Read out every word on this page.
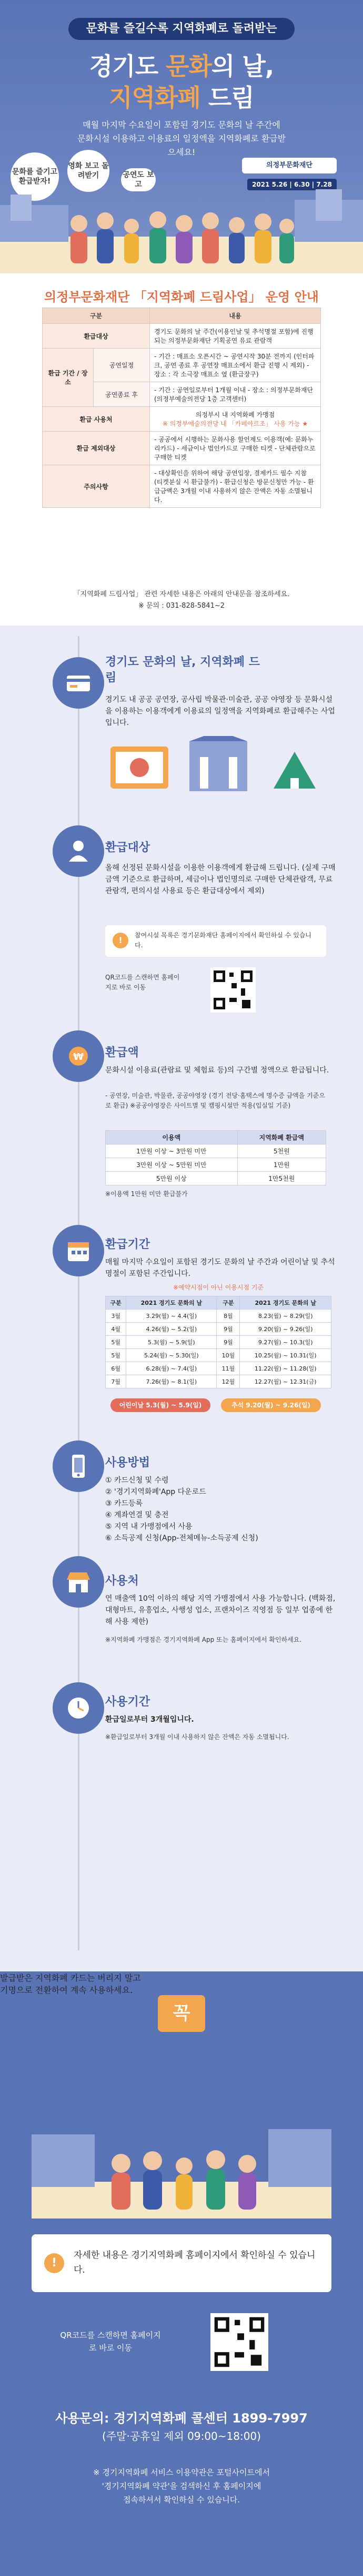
문화를 즐길수록 지역화폐로 돌려받는
경기도 문화의 날,
지역화폐 드림
매월 마지막 수요일이 포함된 경기도 문화의 날 주간에
문화시설 이용하고 이용료의 일정액을 지역화폐로 환급받으세요!
문화를 즐기고 환급받자!
영화 보고 돌려받기	공연도 보고
의정부문화재단
2021 5.26 | 6.30 | 7.28
의정부문화재단 「지역화폐 드림사업」 운영 안내
구분		내용
환급대상		경기도 문화의 날 주간(이용인날 및 추석명절 포함)에 진행되는 의정부문화재단 기획공연 유료 관람객
환급 기간 / 장소	공연일정	- 기간 : 매표소 오픈시간 ~ 공연시작 30분 전까지 (인터파크, 공연 종료 후 공연장 매표소에서 환급 진행 시 제외) - 장소 : 각 소극장 매표소 옆 (환급장구)
	공연종료 후	- 기간 : 공연일로부터 1개월 이내 - 장소 : 의정부문화재단(의정부예술의전당 1층 고객센터)
환급 사용처		의정부시 내 지역화폐 가맹점
※ 의정부예술의전당 내 「카페아르조」 사용 가능 ★

환급 제외대상		- 공공에서 시행하는 문화사용 할인제도 이용객(예: 문화누리카드) - 세금이나 법인카드로 구매한 티켓 - 단체관람으로 구매한 티켓
주의사항		- 대상확인을 위하여 해당 공연입장, 결제카드 필수 지참 (티켓분실 시 환급불가) - 환급신청은 방문신청만 가능 - 환급금액은 3개월 이내 사용하지 않은 잔액은 자동 소멸됩니다.
「지역화폐 드림사업」 관련 자세한 내용은 아래의 안내문을 참조하세요.
※ 문의 : 031-828-5841~2
경기도 문화의 날, 지역화폐 드림
경기도 내 공공 공연장, 공사립 박물관·미술관, 공공 야영장 등 문화시설을 이용하는 이용객에게 이용료의 일정액을 지역화폐로 환급해주는 사업입니다.
환급대상
올해 선정된 문화시설을 이용한 이용객에게 환급해 드립니다. (실제 구매금액 기준으로 환급하며, 세금이나 법인명의로 구매한 단체관람객, 무료관람객, 편의시설 사용료 등은 환급대상에서 제외)
!	참여시설 목록은 경기문화재단 홈페이지에서 확인하실 수 있습니다.
QR코드를 스캔하면 홈페이지로 바로 이동
₩ 환급액
문화시설 이용료(관람료 및 체험료 등)의 구간별 정액으로 환급됩니다.
- 공연장, 미술관, 박물관, 공공야영장 (경기 전당·홈택스에 명수증 금액을 기준으로 환급) ※공공야영장은 사이트별 및 캠핑시설만 적용(입실일 기준)
이용액	지역화폐 환급액
1만원 이상 ~ 3만원 미만	5천원
3만원 이상 ~ 5만원 미만	1만원
5만원 이상	1만5천원
※이용액 1만원 미만 환급불가
환급기간
매월 마지막 수요일이 포함된 경기도 문화의 날 주간과 어린이날 및 추석명절이 포함된 주간입니다.
※예약시점이 아닌 이용시점 기준
구분	2021 경기도 문화의 날	구분	2021 경기도 문화의 날
3월	3.29(월) ~ 4.4(일)	8월	8.23(월) ~ 8.29(일)
4월	4.26(월) ~ 5.2(일)	9월	9.20(월) ~ 9.26(일)
5월	5.3(월) ~ 5.9(일)	9월	9.27(월) ~ 10.3(일)
5월	5.24(월) ~ 5.30(일)	10월	10.25(월) ~ 10.31(일)
6월	6.28(월) ~ 7.4(일)	11월	11.22(월) ~ 11.28(일)
7월	7.26(월) ~ 8.1(일)	12월	12.27(월) ~ 12.31(금)
어린이날 5.3(월) ~ 5.9(일)	추석 9.20(월) ~ 9.26(일)
사용방법
① 카드신청 및 수령
② '경기지역화폐'App 다운로드
③ 카드등록
④ 계좌연결 및 충전
⑤ 지역 내 가맹점에서 사용
⑥ 소득공제 신청(App-전체메뉴-소득공제 신청)
사용처
연 매출액 10억 이하의 해당 지역 가맹점에서 사용 가능합니다. (백화점, 대형마트, 유흥업소, 사행성 업소, 프랜차이즈 직영점 등 일부 업종에 한해 사용 제한)
※지역화폐 가맹점은 경기지역화폐 App 또는 홈페이지에서 확인하세요.
사용기간
환급일로부터 3개월입니다.
※환급일로부터 3개월 이내 사용하지 않은 잔액은 자동 소멸됩니다.
꼭
발급받은 지역화폐 카드는 버리지 말고
기명으로 전환하여 계속 사용하세요.
!
자세한 내용은 경기지역화폐 홈페이지에서 확인하실 수 있습니다.
QR코드를 스캔하면 홈페이지로 바로 이동
사용문의: 경기지역화폐 콜센터 1899-7997
(주말·공휴일 제외 09:00~18:00)
※ 경기지역화폐 서비스 이용약관은 포털사이트에서
'경기지역화폐 약관'을 검색하신 후 홈페이지에
접속하셔서 확인하실 수 있습니다.
